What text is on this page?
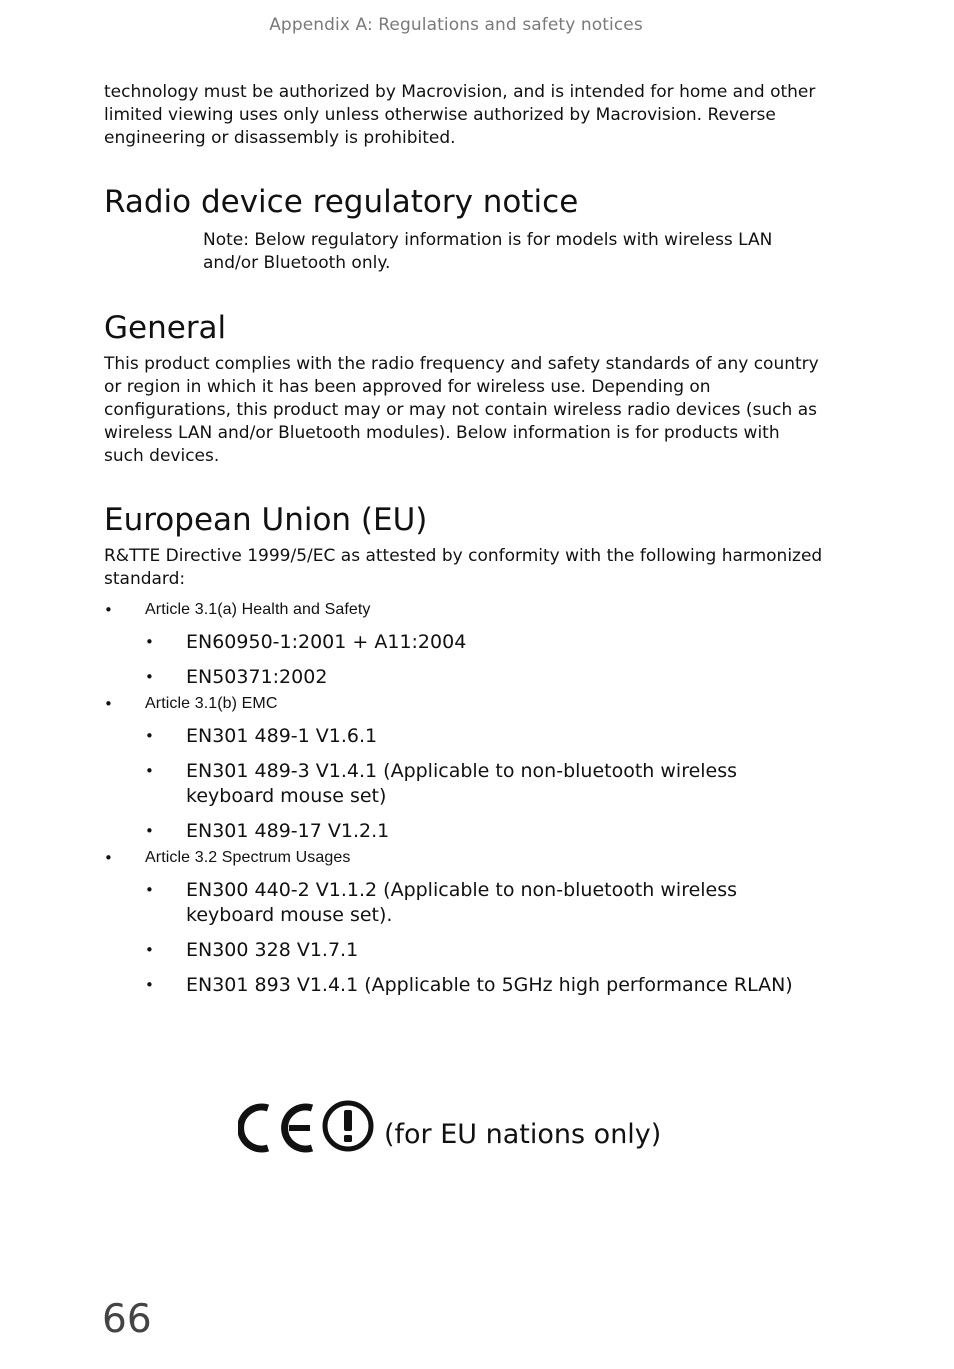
Appendix A: Regulations and safety notices

technology must be authorized by Macrovision, and is intended for home and other limited viewing uses only unless otherwise authorized by Macrovision. Reverse engineering or disassembly is prohibited.

Radio device regulatory notice

Note: Below regulatory information is for models with wireless LAN and/or Bluetooth only.

General

This product complies with the radio frequency and safety standards of any country or region in which it has been approved for wireless use. Depending on configurations, this product may or may not contain wireless radio devices (such as wireless LAN and/or Bluetooth modules). Below information is for products with such devices.

European Union (EU)

R&TTE Directive 1999/5/EC as attested by conformity with the following harmonized standard:

• Article 3.1(a) Health and Safety
• EN60950-1:2001 + A11:2004
• EN50371:2002
• Article 3.1(b) EMC
• EN301 489-1 V1.6.1
• EN301 489-3 V1.4.1 (Applicable to non-bluetooth wireless keyboard mouse set)
• EN301 489-17 V1.2.1
• Article 3.2 Spectrum Usages
• EN300 440-2 V1.1.2 (Applicable to non-bluetooth wireless keyboard mouse set).
• EN300 328 V1.7.1
• EN301 893 V1.4.1 (Applicable to 5GHz high performance RLAN)
(for EU nations only)
66
